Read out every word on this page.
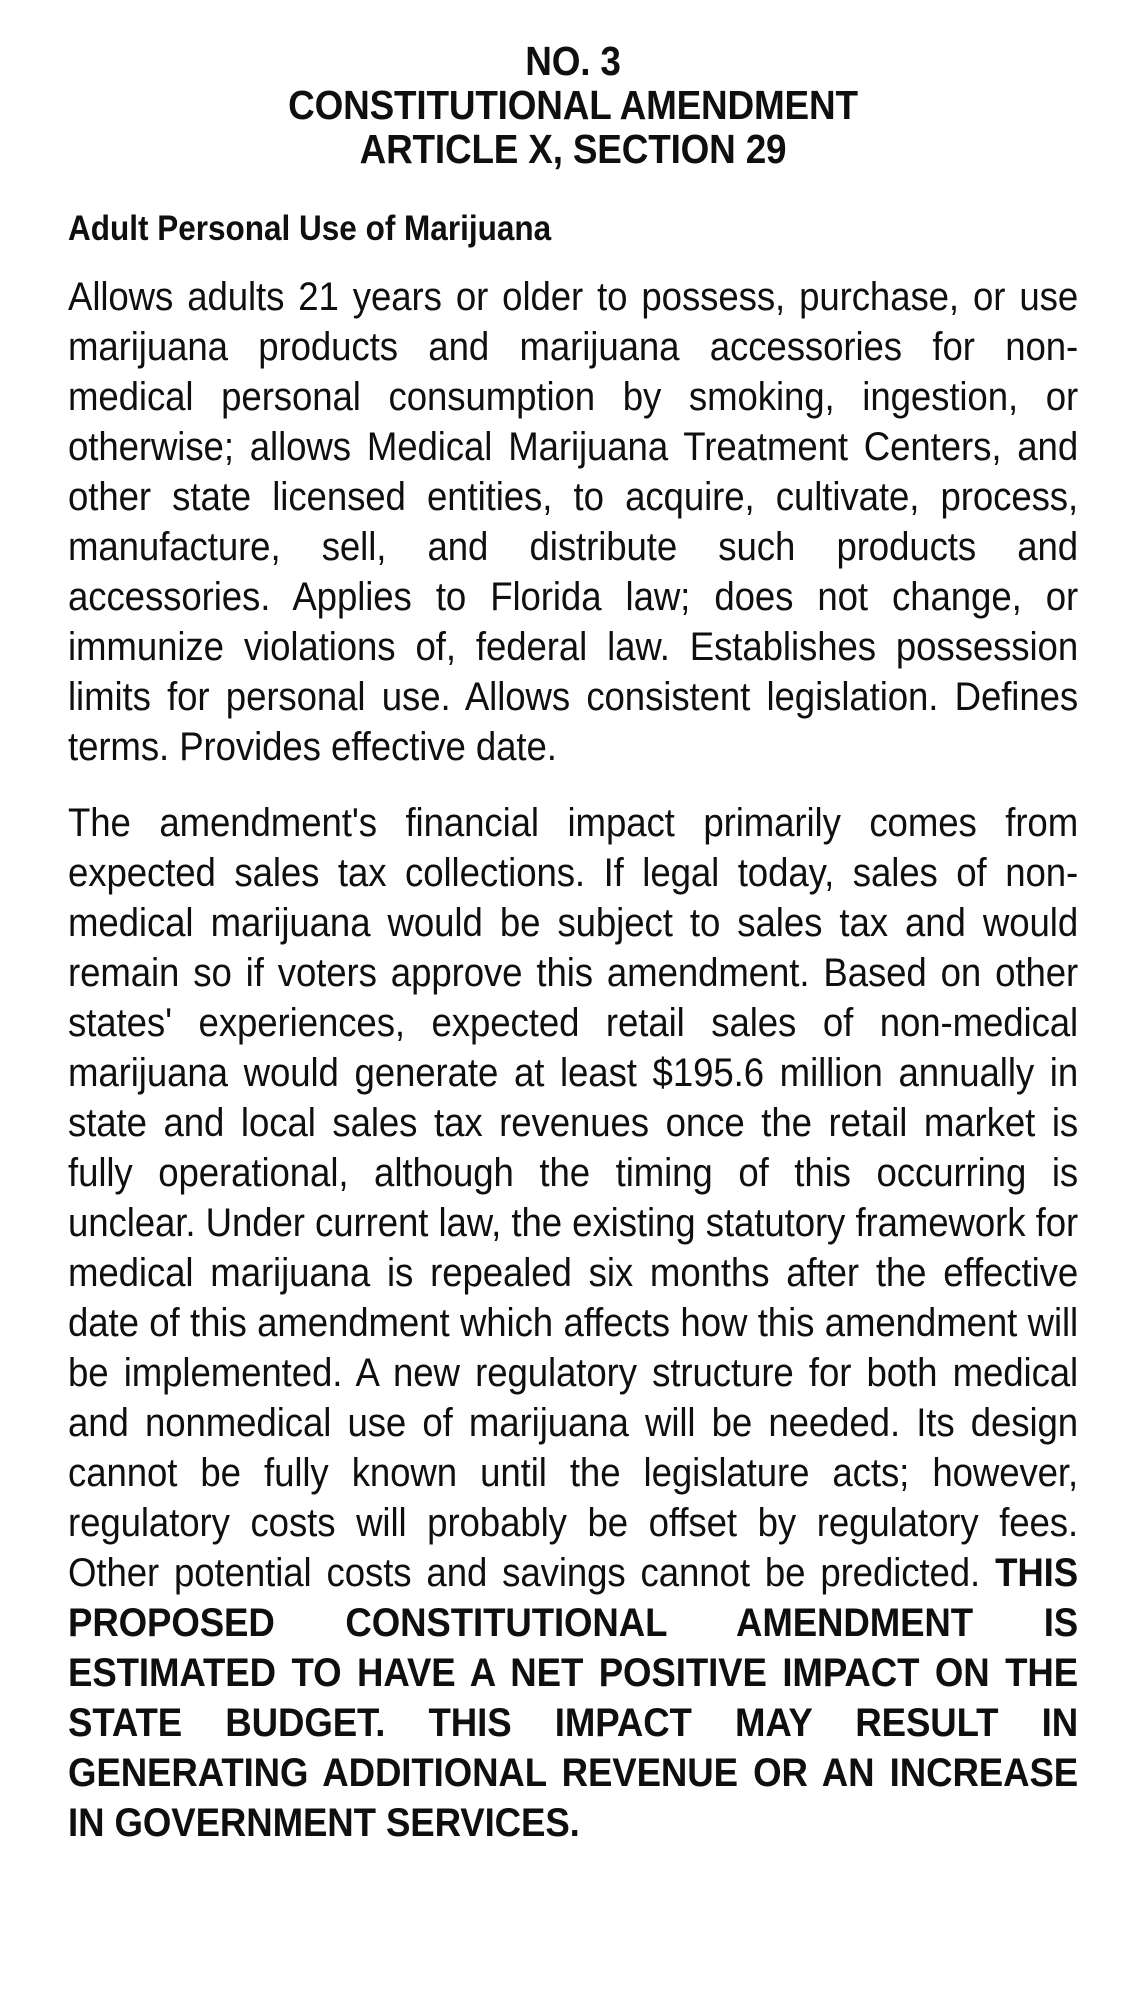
NO. 3
CONSTITUTIONAL AMENDMENT
ARTICLE X, SECTION 29
Adult Personal Use of Marijuana

Allows adults 21 years or older to possess, purchase, or use marijuana products and marijuana accessories for non-medical personal consumption by smoking, ingestion, or otherwise; allows Medical Marijuana Treatment Centers, and other state licensed entities, to acquire, cultivate, process, manufacture, sell, and distribute such products and accessories. Applies to Florida law; does not change, or immunize violations of, federal law. Establishes possession limits for personal use. Allows consistent legislation. Defines terms. Provides effective date.

The amendment's financial impact primarily comes from expected sales tax collections. If legal today, sales of non-medical marijuana would be subject to sales tax and would remain so if voters approve this amendment. Based on other states' experiences, expected retail sales of non-medical marijuana would generate at least $195.6 million annually in state and local sales tax revenues once the retail market is fully operational, although the timing of this occurring is unclear. Under current law, the existing statutory framework for medical marijuana is repealed six months after the effective date of this amendment which affects how this amendment will be implemented. A new regulatory structure for both medical and nonmedical use of marijuana will be needed. Its design cannot be fully known until the legislature acts; however, regulatory costs will probably be offset by regulatory fees. Other potential costs and savings cannot be predicted. THIS PROPOSED CONSTITUTIONAL AMENDMENT IS ESTIMATED TO HAVE A NET POSITIVE IMPACT ON THE STATE BUDGET. THIS IMPACT MAY RESULT IN GENERATING ADDITIONAL REVENUE OR AN INCREASE IN GOVERNMENT SERVICES.
